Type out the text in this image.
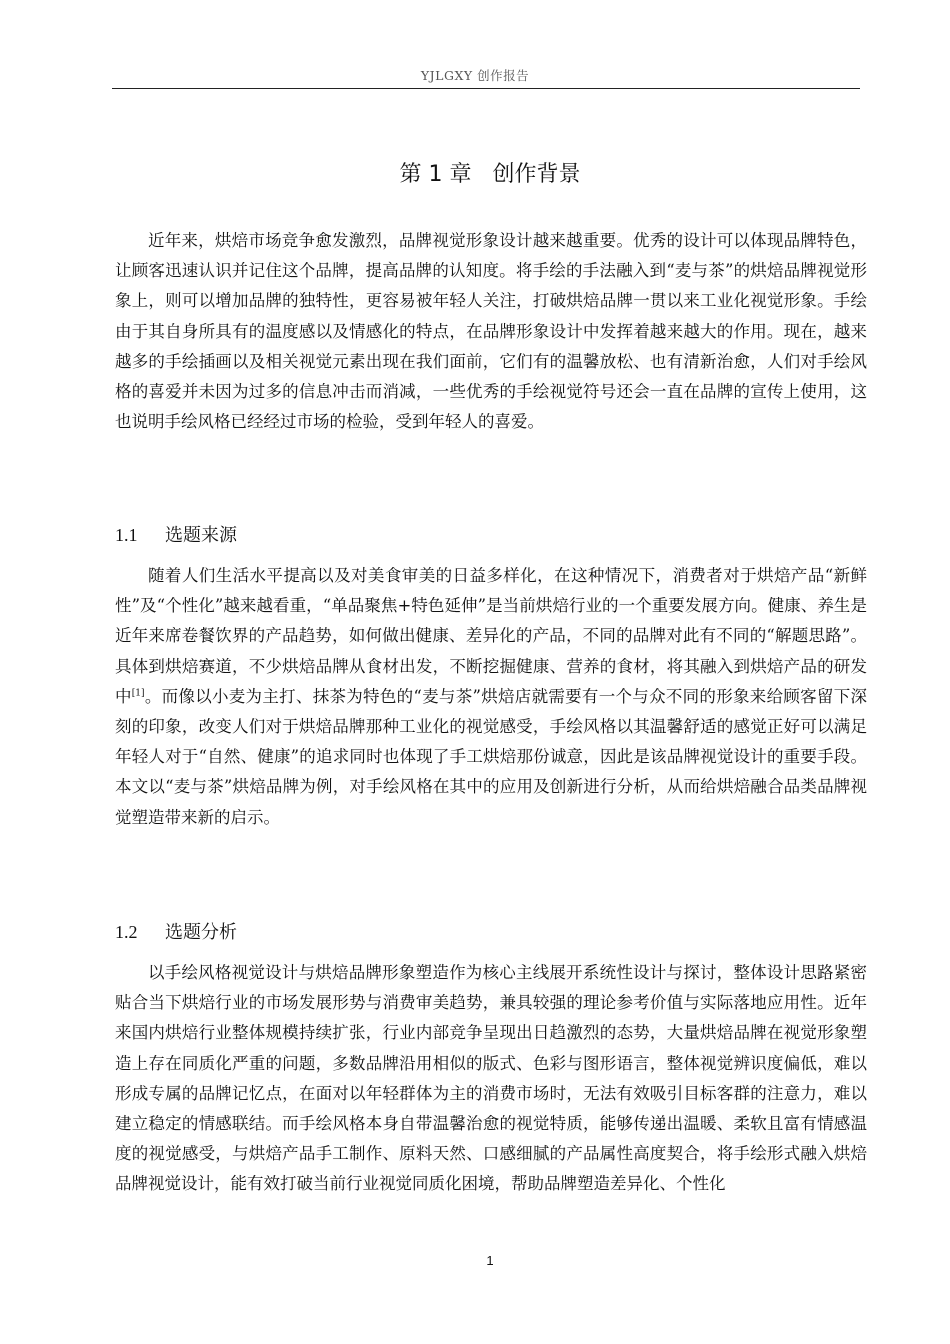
YJLGXY 创作报告
第 1 章   创作背景

近年来，烘焙市场竞争愈发激烈，品牌视觉形象设计越来越重要。优秀的设计可以体现品牌特色，让顾客迅速认识并记住这个品牌，提高品牌的认知度。将手绘的手法融入到“麦与茶”的烘焙品牌视觉形象上，则可以增加品牌的独特性，更容易被年轻人关注，打破烘焙品牌一贯以来工业化视觉形象。手绘由于其自身所具有的温度感以及情感化的特点，在品牌形象设计中发挥着越来越大的作用。现在，越来越多的手绘插画以及相关视觉元素出现在我们面前，它们有的温馨放松、也有清新治愈，人们对手绘风格的喜爱并未因为过多的信息冲击而消减，一些优秀的手绘视觉符号还会一直在品牌的宣传上使用，这也说明手绘风格已经经过市场的检验，受到年轻人的喜爱。

1.1 选题来源

随着人们生活水平提高以及对美食审美的日益多样化，在这种情况下，消费者对于烘焙产品“新鲜性”及“个性化”越来越看重，“单品聚焦+特色延伸”是当前烘焙行业的一个重要发展方向。健康、养生是近年来席卷餐饮界的产品趋势，如何做出健康、差异化的产品，不同的品牌对此有不同的“解题思路”。具体到烘焙赛道，不少烘焙品牌从食材出发，不断挖掘健康、营养的食材，将其融入到烘焙产品的研发中[1]。而像以小麦为主打、抹茶为特色的“麦与茶”烘焙店就需要有一个与众不同的形象来给顾客留下深刻的印象，改变人们对于烘焙品牌那种工业化的视觉感受，手绘风格以其温馨舒适的感觉正好可以满足年轻人对于“自然、健康”的追求同时也体现了手工烘焙那份诚意，因此是该品牌视觉设计的重要手段。本文以“麦与茶”烘焙品牌为例，对手绘风格在其中的应用及创新进行分析，从而给烘焙融合品类品牌视觉塑造带来新的启示。

1.2 选题分析

以手绘风格视觉设计与烘焙品牌形象塑造作为核心主线展开系统性设计与探讨，整体设计思路紧密贴合当下烘焙行业的市场发展形势与消费审美趋势，兼具较强的理论参考价值与实际落地应用性。近年来国内烘焙行业整体规模持续扩张，行业内部竞争呈现出日趋激烈的态势，大量烘焙品牌在视觉形象塑造上存在同质化严重的问题，多数品牌沿用相似的版式、色彩与图形语言，整体视觉辨识度偏低，难以形成专属的品牌记忆点，在面对以年轻群体为主的消费市场时，无法有效吸引目标客群的注意力，难以建立稳定的情感联结。而手绘风格本身自带温馨治愈的视觉特质，能够传递出温暖、柔软且富有情感温度的视觉感受，与烘焙产品手工制作、原料天然、口感细腻的产品属性高度契合，将手绘形式融入烘焙品牌视觉设计，能有效打破当前行业视觉同质化困境，帮助品牌塑造差异化、个性化

1
